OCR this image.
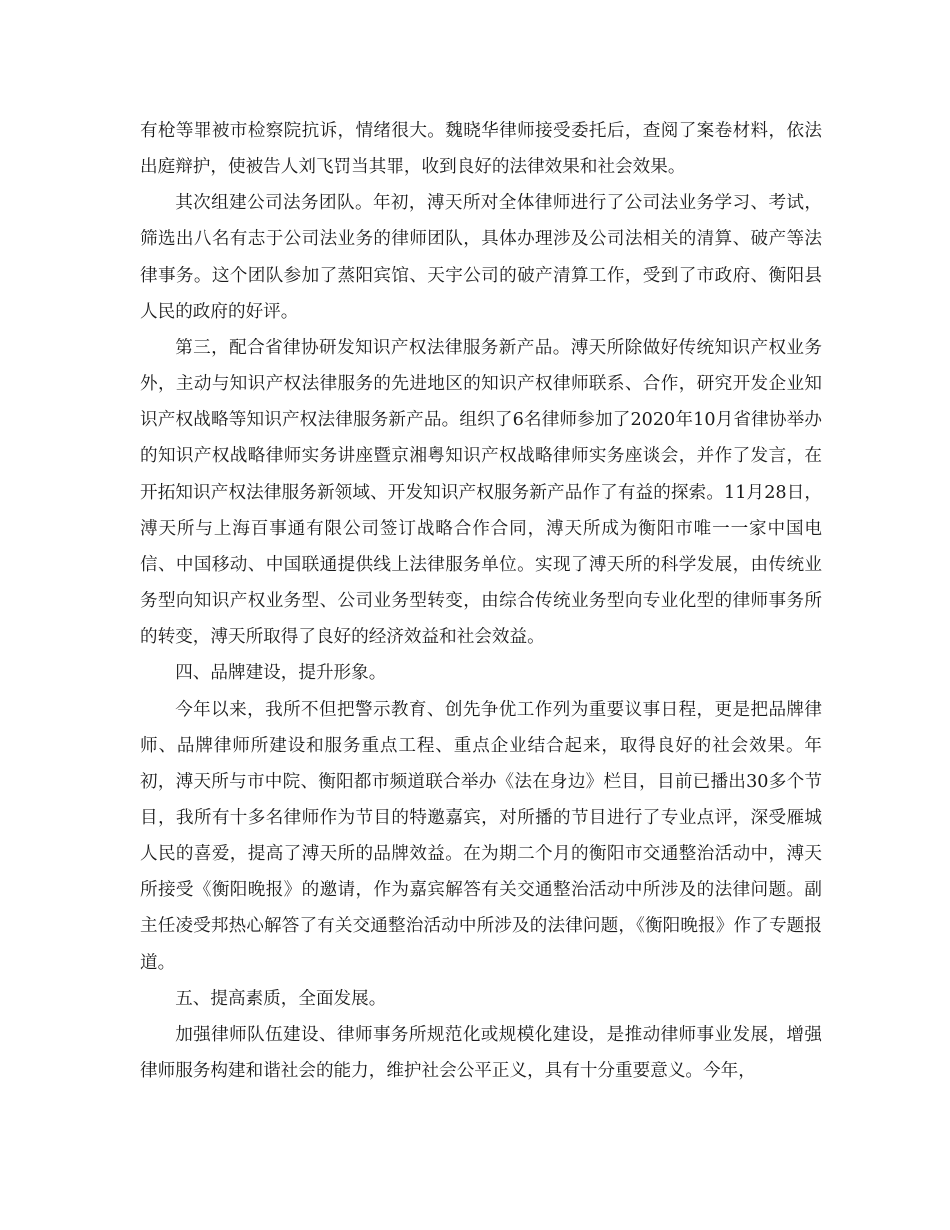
有枪等罪被市检察院抗诉，情绪很大。魏晓华律师接受委托后，查阅了案卷材料，依法出庭辩护，使被告人刘飞罚当其罪，收到良好的法律效果和社会效果。

其次组建公司法务团队。年初，溥天所对全体律师进行了公司法业务学习、考试，筛选出八名有志于公司法业务的律师团队，具体办理涉及公司法相关的清算、破产等法律事务。这个团队参加了蒸阳宾馆、天宇公司的破产清算工作，受到了市政府、衡阳县人民的政府的好评。

第三，配合省律协研发知识产权法律服务新产品。溥天所除做好传统知识产权业务外，主动与知识产权法律服务的先进地区的知识产权律师联系、合作，研究开发企业知识产权战略等知识产权法律服务新产品。组织了6名律师参加了2020年10月省律协举办的知识产权战略律师实务讲座暨京湘粤知识产权战略律师实务座谈会，并作了发言，在开拓知识产权法律服务新领域、开发知识产权服务新产品作了有益的探索。11月28日，溥天所与上海百事通有限公司签订战略合作合同，溥天所成为衡阳市唯一一家中国电信、中国移动、中国联通提供线上法律服务单位。实现了溥天所的科学发展，由传统业务型向知识产权业务型、公司业务型转变，由综合传统业务型向专业化型的律师事务所的转变，溥天所取得了良好的经济效益和社会效益。

四、品牌建设，提升形象。

今年以来，我所不但把警示教育、创先争优工作列为重要议事日程，更是把品牌律师、品牌律师所建设和服务重点工程、重点企业结合起来，取得良好的社会效果。年初，溥天所与市中院、衡阳都市频道联合举办《法在身边》栏目，目前已播出30多个节目，我所有十多名律师作为节目的特邀嘉宾，对所播的节目进行了专业点评，深受雁城人民的喜爱，提高了溥天所的品牌效益。在为期二个月的衡阳市交通整治活动中，溥天所接受《衡阳晚报》的邀请，作为嘉宾解答有关交通整治活动中所涉及的法律问题。副主任凌受邦热心解答了有关交通整治活动中所涉及的法律问题，《衡阳晚报》作了专题报道。

五、提高素质，全面发展。

加强律师队伍建设、律师事务所规范化或规模化建设，是推动律师事业发展，增强律师服务构建和谐社会的能力，维护社会公平正义，具有十分重要意义。今年，
